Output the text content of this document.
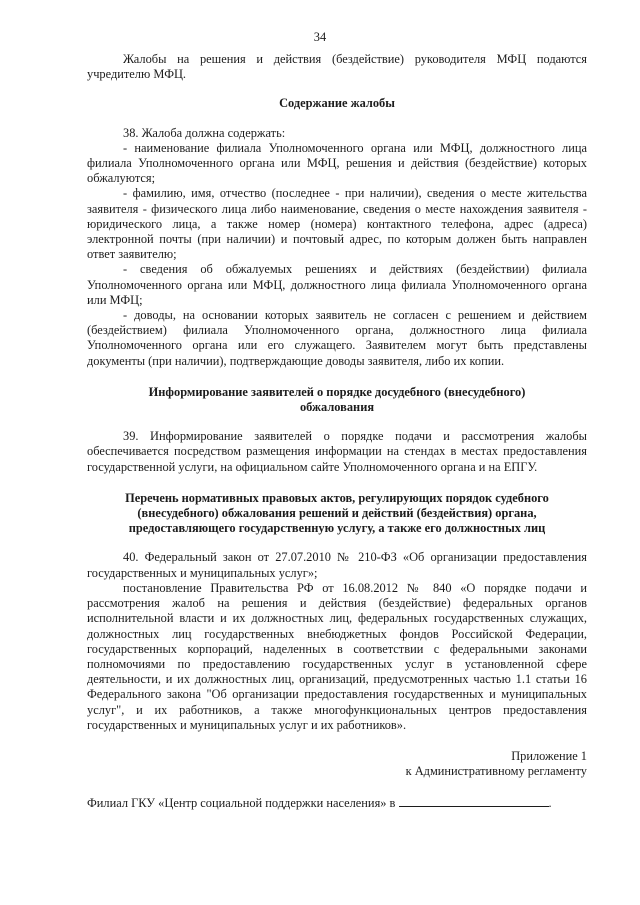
34

Жалобы на решения и действия (бездействие) руководителя МФЦ подаются учредителю МФЦ.

Содержание жалобы

38. Жалоба должна содержать:

- наименование филиала Уполномоченного органа или МФЦ, должностного лица филиала Уполномоченного органа или МФЦ, решения и действия (бездействие) которых обжалуются;

- фамилию, имя, отчество (последнее - при наличии), сведения о месте жительства заявителя - физического лица либо наименование, сведения о месте нахождения заявителя - юридического лица, а также номер (номера) контактного телефона, адрес (адреса) электронной почты (при наличии) и почтовый адрес, по которым должен быть направлен ответ заявителю;

- сведения об обжалуемых решениях и действиях (бездействии) филиала Уполномоченного органа или МФЦ, должностного лица филиала Уполномоченного органа или МФЦ;

- доводы, на основании которых заявитель не согласен с решением и действием (бездействием) филиала Уполномоченного органа, должностного лица филиала Уполномоченного органа или его служащего. Заявителем могут быть представлены документы (при наличии), подтверждающие доводы заявителя, либо их копии.

Информирование заявителей о порядке досудебного (внесудебного)
обжалования

39. Информирование заявителей о порядке подачи и рассмотрения жалобы обеспечивается посредством размещения информации на стендах в местах предоставления государственной услуги, на официальном сайте Уполномоченного органа и на ЕПГУ.

Перечень нормативных правовых актов, регулирующих порядок судебного
(внесудебного) обжалования решений и действий (бездействия) органа,
предоставляющего государственную услугу, а также его должностных лиц

40. Федеральный закон от 27.07.2010 № 210-ФЗ «Об организации предоставления государственных и муниципальных услуг»;

постановление Правительства РФ от 16.08.2012 № 840 «О порядке подачи и рассмотрения жалоб на решения и действия (бездействие) федеральных органов исполнительной власти и их должностных лиц, федеральных государственных служащих, должностных лиц государственных внебюджетных фондов Российской Федерации, государственных корпораций, наделенных в соответствии с федеральными законами полномочиями по предоставлению государственных услуг в установленной сфере деятельности, и их должностных лиц, организаций, предусмотренных частью 1.1 статьи 16 Федерального закона "Об организации предоставления государственных и муниципальных услуг", и их работников, а также многофункциональных центров предоставления государственных и муниципальных услуг и их работников».

Приложение 1

к Административному регламенту

Филиал ГКУ «Центр социальной поддержки населения» в	.
